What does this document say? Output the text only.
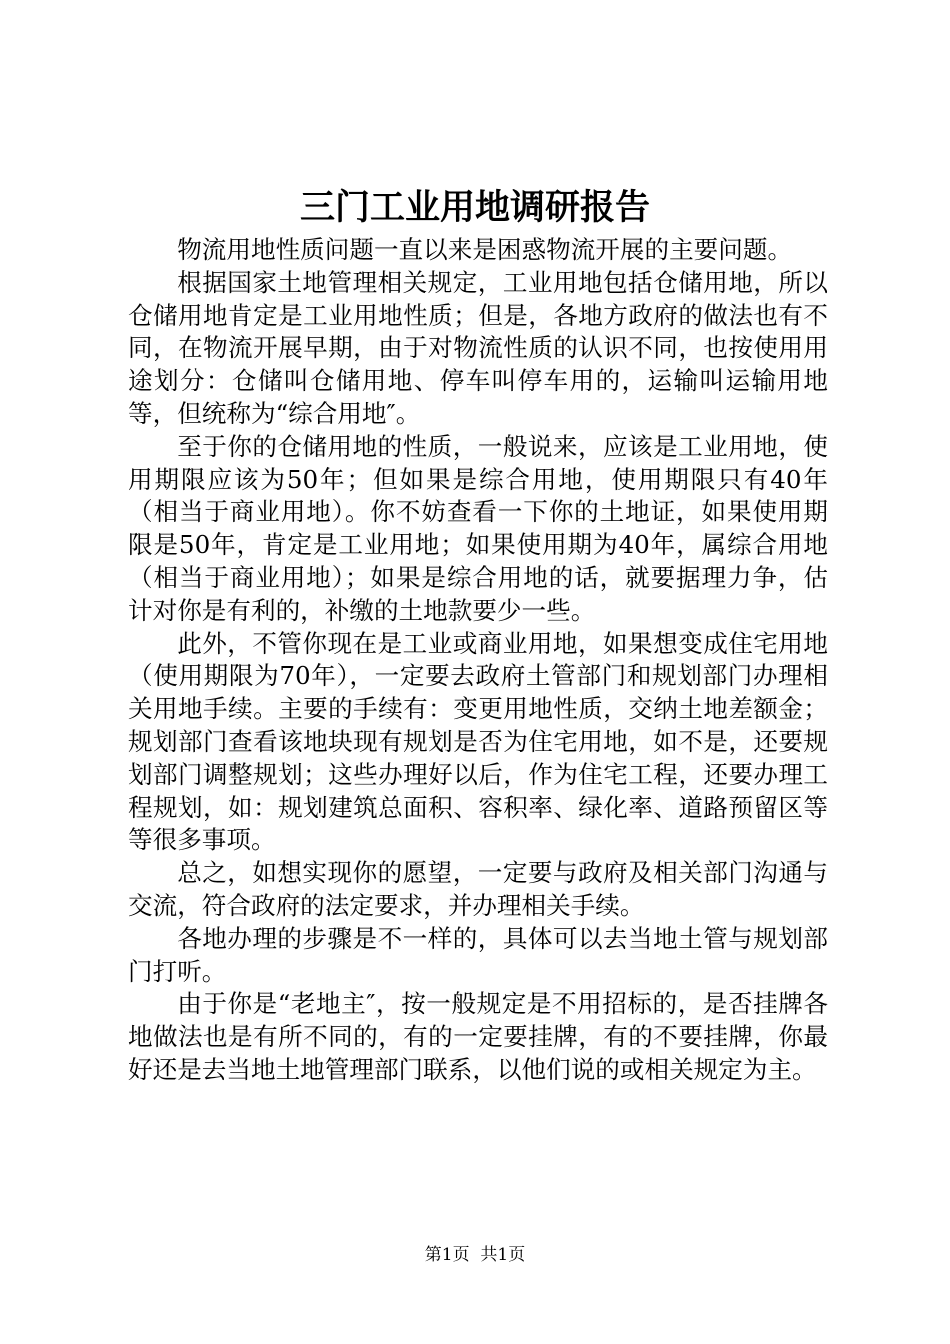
三门工业用地调研报告

物流用地性质问题一直以来是困惑物流开展的主要问题。

根据国家土地管理相关规定，工业用地包括仓储用地，所以仓储用地肯定是工业用地性质；但是，各地方政府的做法也有不同，在物流开展早期，由于对物流性质的认识不同，也按使用用途划分：仓储叫仓储用地、停车叫停车用的，运输叫运输用地等，但统称为“综合用地″。

至于你的仓储用地的性质，一般说来，应该是工业用地，使用期限应该为50年；但如果是综合用地，使用期限只有40年（相当于商业用地）。你不妨查看一下你的土地证，如果使用期限是50年，肯定是工业用地；如果使用期为40年，属综合用地（相当于商业用地）；如果是综合用地的话，就要据理力争，估计对你是有利的，补缴的土地款要少一些。

此外，不管你现在是工业或商业用地，如果想变成住宅用地（使用期限为70年），一定要去政府土管部门和规划部门办理相关用地手续。主要的手续有：变更用地性质，交纳土地差额金；规划部门查看该地块现有规划是否为住宅用地，如不是，还要规划部门调整规划；这些办理好以后，作为住宅工程，还要办理工程规划，如：规划建筑总面积、容积率、绿化率、道路预留区等等很多事项。

总之，如想实现你的愿望，一定要与政府及相关部门沟通与交流，符合政府的法定要求，并办理相关手续。

各地办理的步骤是不一样的，具体可以去当地土管与规划部门打听。

由于你是“老地主″，按一般规定是不用招标的，是否挂牌各地做法也是有所不同的，有的一定要挂牌，有的不要挂牌，你最好还是去当地土地管理部门联系，以他们说的或相关规定为主。

第1页 共1页
